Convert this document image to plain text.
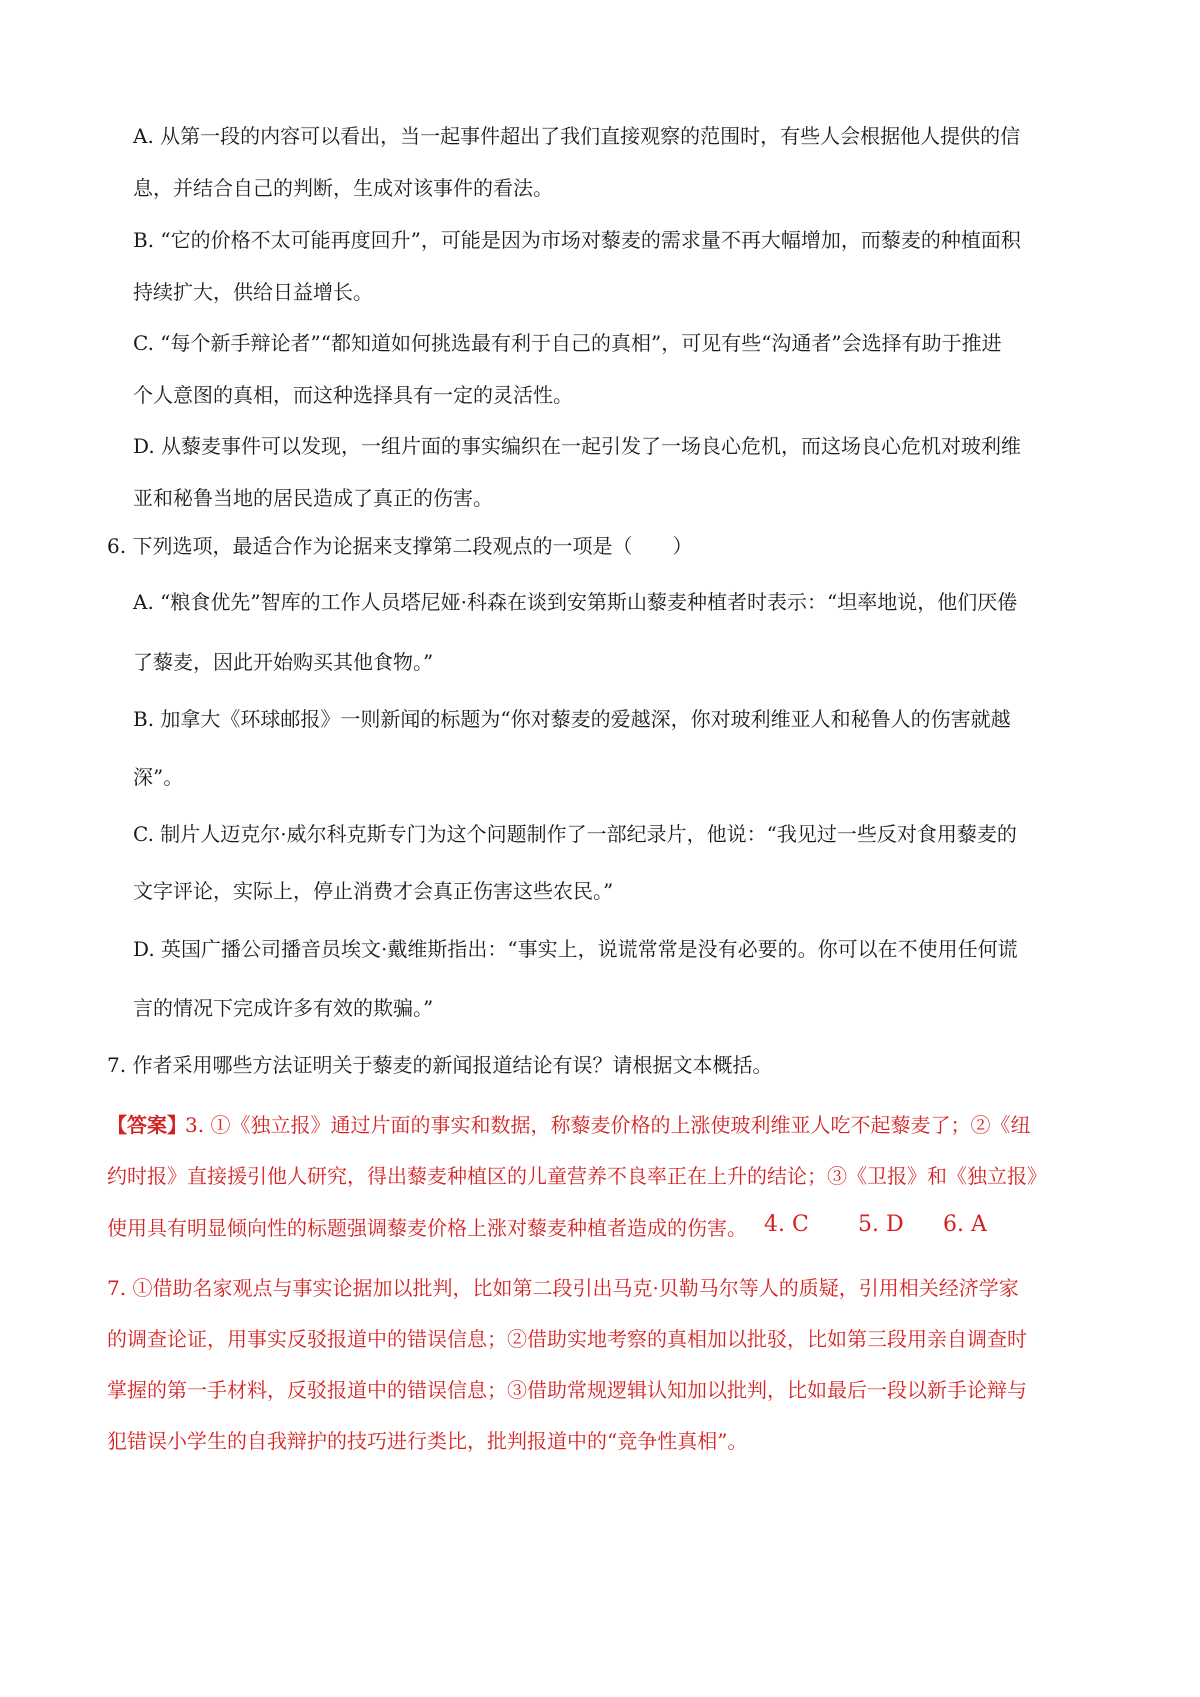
A. 从第一段的内容可以看出，当一起事件超出了我们直接观察的范围时，有些人会根据他人提供的信
息，并结合自己的判断，生成对该事件的看法。
B. “它的价格不太可能再度回升”，可能是因为市场对藜麦的需求量不再大幅增加，而藜麦的种植面积
持续扩大，供给日益增长。
C. “每个新手辩论者”“都知道如何挑选最有利于自己的真相”，可见有些“沟通者”会选择有助于推进
个人意图的真相，而这种选择具有一定的灵活性。
D. 从藜麦事件可以发现，一组片面的事实编织在一起引发了一场良心危机，而这场良心危机对玻利维
亚和秘鲁当地的居民造成了真正的伤害。
6. 下列选项，最适合作为论据来支撑第二段观点的一项是（　　）
A. “粮食优先”智库的工作人员塔尼娅·科森在谈到安第斯山藜麦种植者时表示：“坦率地说，他们厌倦
了藜麦，因此开始购买其他食物。”
B. 加拿大《环球邮报》一则新闻的标题为“你对藜麦的爱越深，你对玻利维亚人和秘鲁人的伤害就越
深”。
C. 制片人迈克尔·威尔科克斯专门为这个问题制作了一部纪录片，他说：“我见过一些反对食用藜麦的
文字评论，实际上，停止消费才会真正伤害这些农民。”
D. 英国广播公司播音员埃文·戴维斯指出：“事实上，说谎常常是没有必要的。你可以在不使用任何谎
言的情况下完成许多有效的欺骗。”
7. 作者采用哪些方法证明关于藜麦的新闻报道结论有误？请根据文本概括。
【答案】
3. ①《独立报》通过片面的事实和数据，称藜麦价格的上涨使玻利维亚人吃不起藜麦了；②《纽
约时报》直接援引他人研究，得出藜麦种植区的儿童营养不良率正在上升的结论；③《卫报》和《独立报》
使用具有明显倾向性的标题强调藜麦价格上涨对藜麦种植者造成的伤害。 4. C 5. D 6. A
7. ①借助名家观点与事实论据加以批判，比如第二段引出马克·贝勒马尔等人的质疑，引用相关经济学家
的调查论证，用事实反驳报道中的错误信息；②借助实地考察的真相加以批驳，比如第三段用亲自调查时
掌握的第一手材料，反驳报道中的错误信息；③借助常规逻辑认知加以批判，比如最后一段以新手论辩与
犯错误小学生的自我辩护的技巧进行类比，批判报道中的“竞争性真相”。
